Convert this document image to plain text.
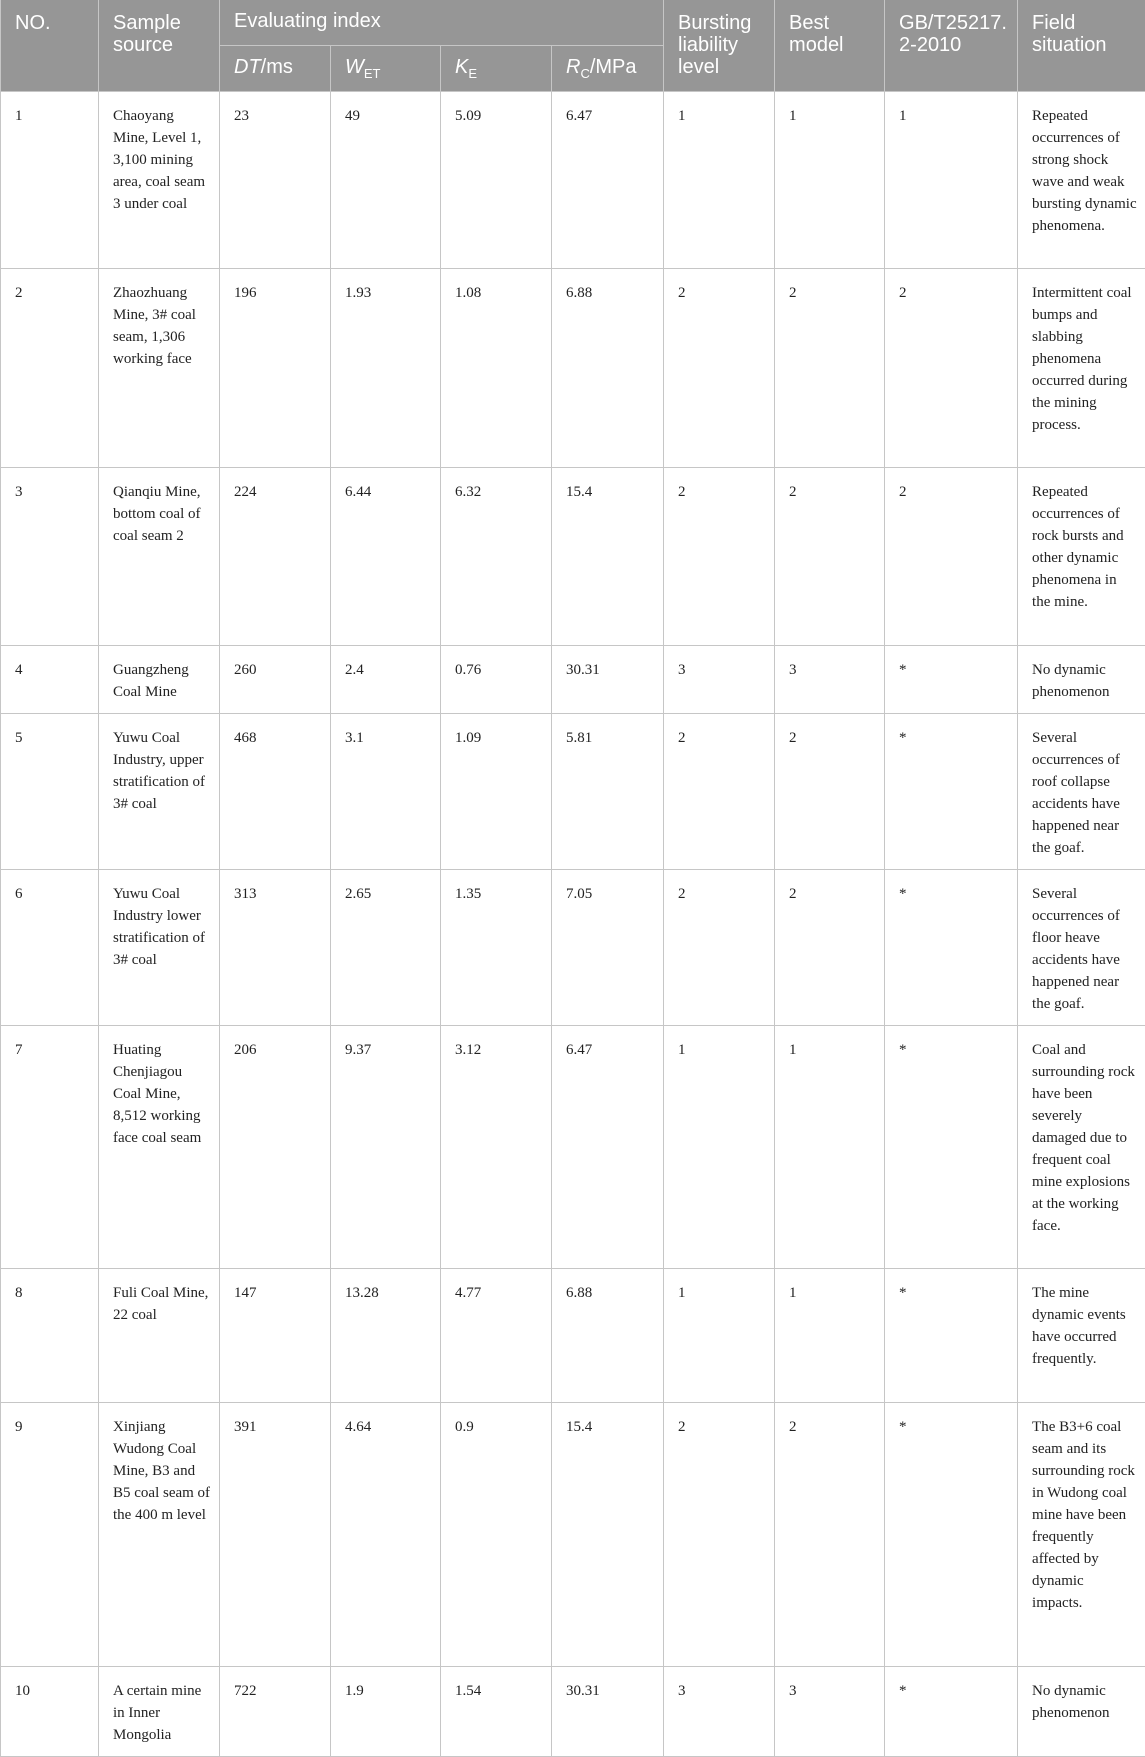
NO.	Sample source	Evaluating index				Bursting liability level	Best model	GB/T25217. 2-2010	Field situation
		DT/ms	$W_{ET}$	$K_E$	$R_C$/MPa				
1	Chaoyang Mine, Level 1, 3,100 mining area, coal seam 3 under coal	23	49	5.09	6.47	1	1	1	Repeated occurrences of strong shock wave and weak bursting dynamic phenomena.
2	Zhaozhuang Mine, 3# coal seam, 1,306 working face	196	1.93	1.08	6.88	2	2	2	Intermittent coal bumps and slabbing phenomena occurred during the mining process.
3	Qianqiu Mine, bottom coal of coal seam 2	224	6.44	6.32	15.4	2	2	2	Repeated occurrences of rock bursts and other dynamic phenomena in the mine.
4	Guangzheng Coal Mine	260	2.4	0.76	30.31	3	3	*	No dynamic phenomenon
5	Yuwu Coal Industry, upper stratification of 3# coal	468	3.1	1.09	5.81	2	2	*	Several occurrences of roof collapse accidents have happened near the goaf.
6	Yuwu Coal Industry lower stratification of 3# coal	313	2.65	1.35	7.05	2	2	*	Several occurrences of floor heave accidents have happened near the goaf.
7	Huating Chenjiagou Coal Mine, 8,512 working face coal seam	206	9.37	3.12	6.47	1	1	*	Coal and surrounding rock have been severely damaged due to frequent coal mine explosions at the working face.
8	Fuli Coal Mine, 22 coal	147	13.28	4.77	6.88	1	1	*	The mine dynamic events have occurred frequently.
9	Xinjiang Wudong Coal Mine, B3 and B5 coal seam of the 400 m level	391	4.64	0.9	15.4	2	2	*	The B3+6 coal seam and its surrounding rock in Wudong coal mine have been frequently affected by dynamic impacts.
10	A certain mine in Inner Mongolia	722	1.9	1.54	30.31	3	3	*	No dynamic phenomenon
